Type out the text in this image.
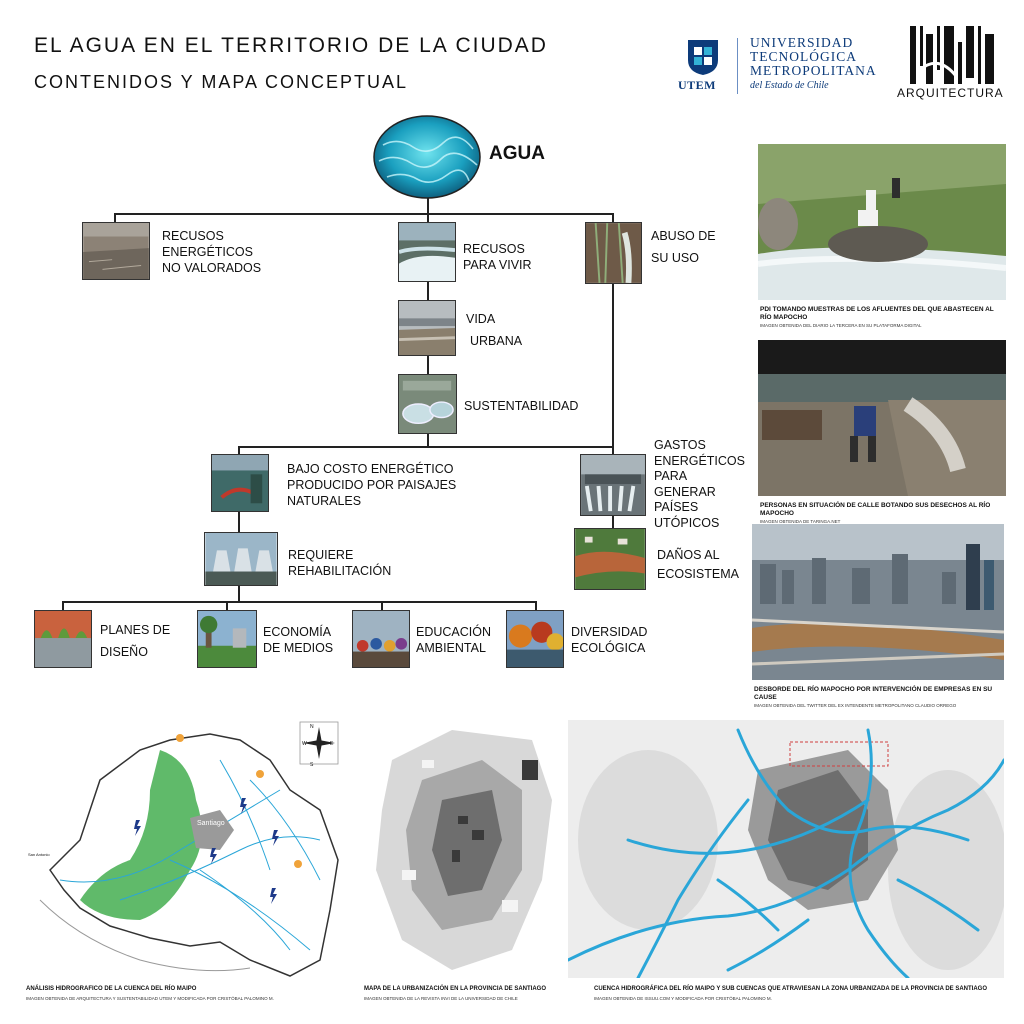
EL AGUA EN EL TERRITORIO DE LA CIUDAD
CONTENIDOS Y MAPA CONCEPTUAL	UTEM
UNIVERSIDAD
TECNOLÓGICA
METROPOLITANA
del Estado de Chile
ARQUITECTURA
AGUA
RECUSOS
ENERGÉTICOS
NO VALORADOS
RECUSOS
PARA VIVIR
ABUSO DE
SU USO
VIDA
URBANA
SUSTENTABILIDAD
BAJO COSTO ENERGÉTICO
PRODUCIDO POR PAISAJES
NATURALES
GASTOS
ENERGÉTICOS
PARA
GENERAR
PAÍSES
UTÓPICOS
REQUIERE
REHABILITACIÓN
DAÑOS AL
ECOSISTEMA
PLANES DE
DISEÑO
ECONOMÍA
DE MEDIOS
EDUCACIÓN
AMBIENTAL
DIVERSIDAD
ECOLÓGICA
PDI TOMANDO MUESTRAS DE LOS AFLUENTES DEL QUE ABASTECEN AL RÍO MAPOCHO
IMAGEN OBTENIDA DEL DIARIO LA TERCERA EN SU PLATAFORMA DIGITAL
PERSONAS EN SITUACIÓN DE CALLE BOTANDO SUS DESECHOS AL RÍO MAPOCHO
IMAGEN OBTENIDA DE TARINGA.NET
DESBORDE DEL RÍO MAPOCHO POR INTERVENCIÓN DE EMPRESAS EN SU CAUSE
IMAGEN OBTENIDA DEL TWITTER DEL EX INTENDENTE METROPOLITANO CLAUDIO ORREGO
N
S
E
W
Santiago
San Antonio
ANÁLISIS HIDROGRAFICO DE LA CUENCA DEL RÍO MAIPO
IMAGEN OBTENIDA DE ARQUITECTURA Y SUSTENTABILIDAD UTEM Y MODIFICADA POR CRISTÓBAL PALOMINO M.
MAPA DE LA URBANIZACIÓN EN LA PROVINCIA DE SANTIAGO
IMAGEN OBTENIDA DE LA REVISTA INVI DE LA UNIVERSIDAD DE CHILE
CUENCA HIDROGRÁFICA DEL RÍO MAIPO Y SUB CUENCAS QUE ATRAVIESAN LA ZONA URBANIZADA DE LA PROVINCIA DE SANTIAGO
IMAGEN OBTENIDA DE ISSUU.COM Y MODIFICADA POR CRISTÓBAL PALOMINO M.
